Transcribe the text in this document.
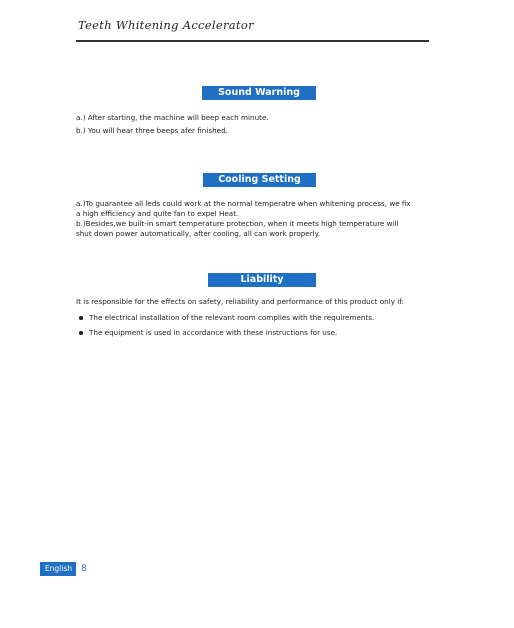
Teeth Whitening Accelerator
Sound Warning
a.) After starting, the machine will beep each minute.
b.) You will hear three beeps afer finished.
Cooling Setting
a.)To guarantee all leds could work at the normal temperatre when whitening process, we fix
a high efficiency and quite fan to expel Heat.
b.)Besides,we built-in smart temperature protection, when it meets high temperature will
shut down power automatically, after cooling, all can work properly.
Liability
It is responsible for the effects on safety, reliability and performance of this product only if:
The electrical installation of the relevant room complies with the requirements.
The equipment is used in accordance with these instructions for use.
English	8
